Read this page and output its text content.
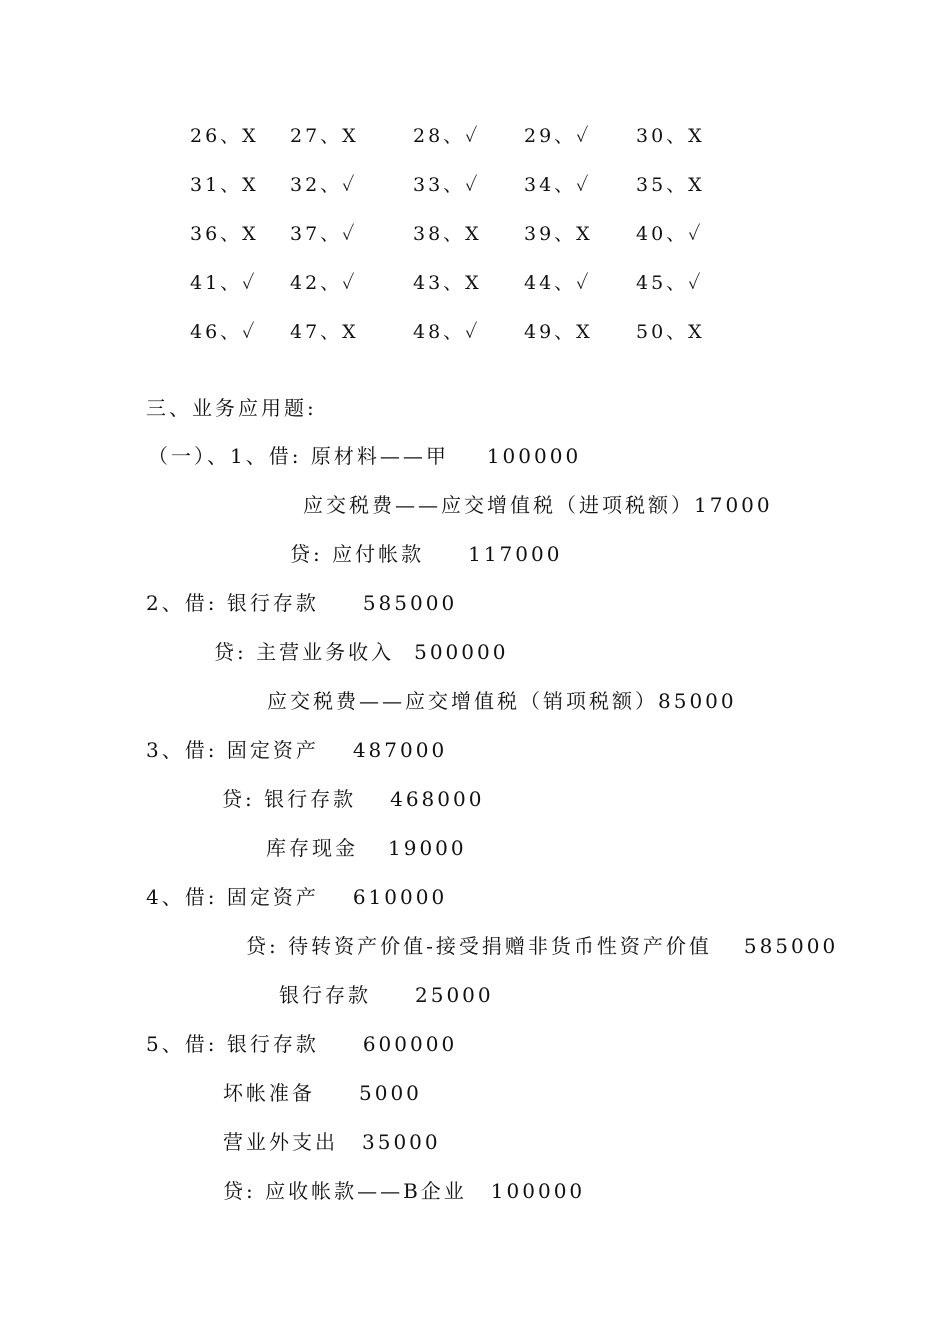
26、X 27、X	28、✓ 29、✓ 30、X
31、X 32、✓	33、✓ 34、✓ 35、X
36、X 37、✓	38、X 39、X 40、✓
41、✓ 42、✓	43、X 44、✓ 45、✓
46、✓ 47、X	48、✓ 49、X 50、X
三、业务应用题:
（一）、1、借: 原材料——甲 100000
应交税费——应交增值税（进项税额）17000
贷: 应付帐款 117000
2、借: 银行存款 585000
贷: 主营业务收入 500000
应交税费——应交增值税（销项税额）85000
3、借: 固定资产 487000
贷: 银行存款 468000
库存现金 19000
4、借: 固定资产 610000
贷: 待转资产价值-接受捐赠非货币性资产价值 585000
银行存款 25000
5、借: 银行存款 600000
坏帐准备 5000
营业外支出 35000
贷: 应收帐款——B企业 100000
